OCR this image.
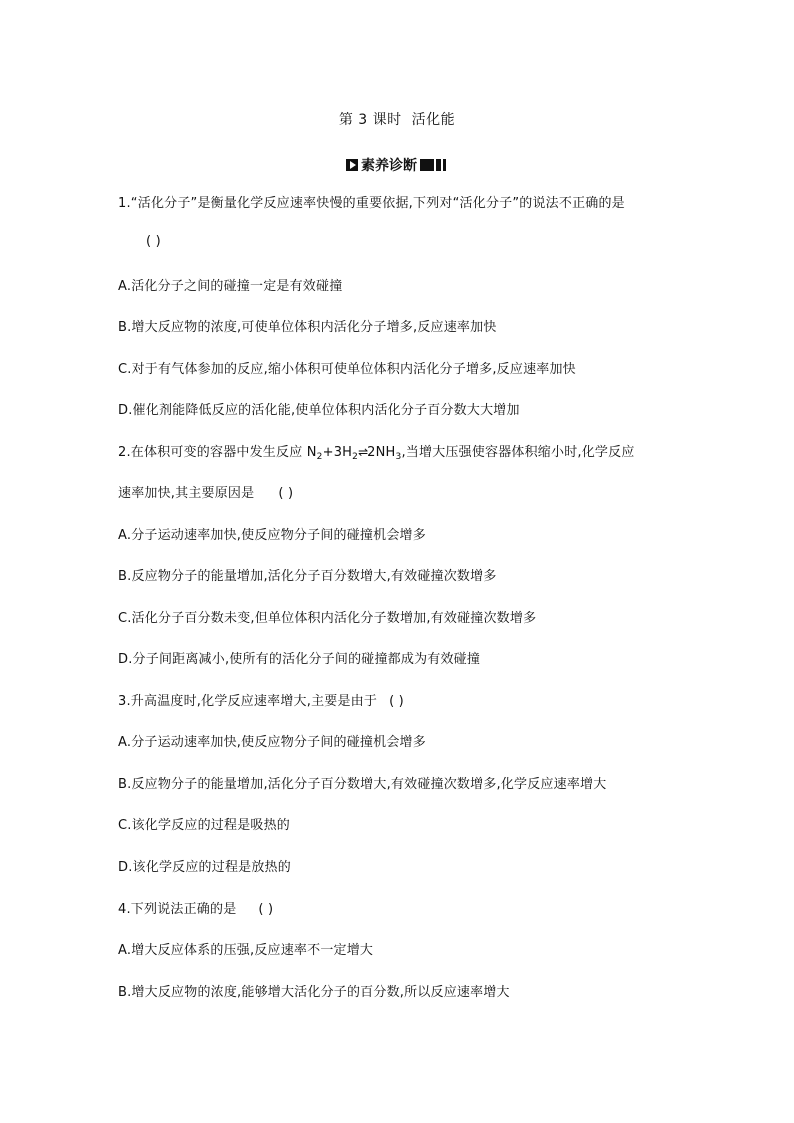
第 3 课时 活化能
素养诊断
1.“活化分子”是衡量化学反应速率快慢的重要依据,下列对“活化分子”的说法不正确的是
( )
A.活化分子之间的碰撞一定是有效碰撞
B.增大反应物的浓度,可使单位体积内活化分子增多,反应速率加快
C.对于有气体参加的反应,缩小体积可使单位体积内活化分子增多,反应速率加快
D.催化剂能降低反应的活化能,使单位体积内活化分子百分数大大增加
2.在体积可变的容器中发生反应 $N_2+3H_2\rightleftharpoons 2NH_3$,当增大压强使容器体积缩小时,化学反应
速率加快,其主要原因是 ( )
A.分子运动速率加快,使反应物分子间的碰撞机会增多
B.反应物分子的能量增加,活化分子百分数增大,有效碰撞次数增多
C.活化分子百分数未变,但单位体积内活化分子数增加,有效碰撞次数增多
D.分子间距离减小,使所有的活化分子间的碰撞都成为有效碰撞
3.升高温度时,化学反应速率增大,主要是由于 ( )
A.分子运动速率加快,使反应物分子间的碰撞机会增多
B.反应物分子的能量增加,活化分子百分数增大,有效碰撞次数增多,化学反应速率增大
C.该化学反应的过程是吸热的
D.该化学反应的过程是放热的
4.下列说法正确的是 ( )
A.增大反应体系的压强,反应速率不一定增大
B.增大反应物的浓度,能够增大活化分子的百分数,所以反应速率增大
